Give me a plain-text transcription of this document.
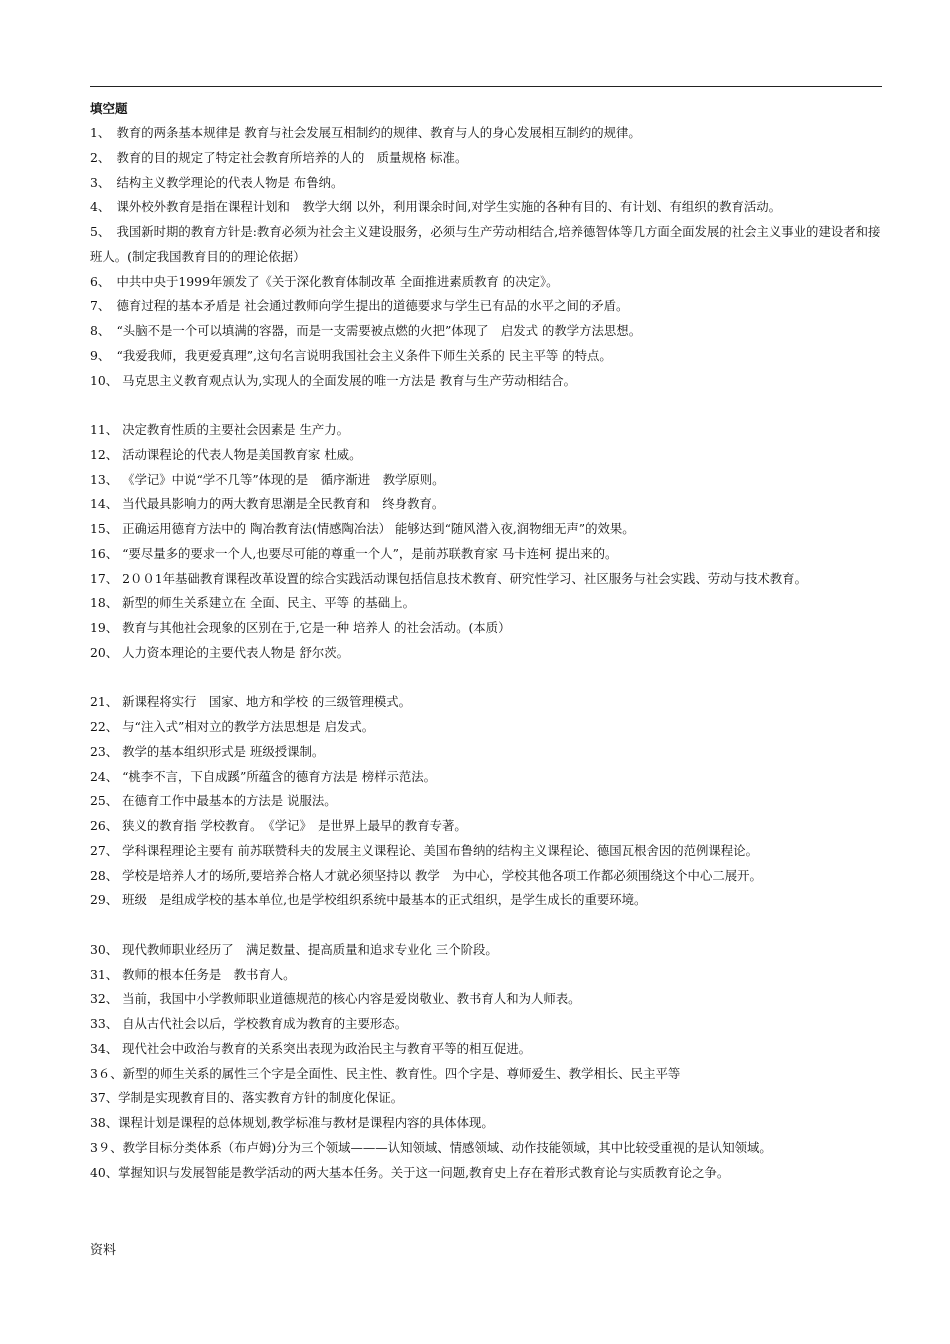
填空题
1、　教育的两条基本规律是 教育与社会发展互相制约的规律、教育与人的身心发展相互制约的规律。
2、　教育的目的规定了特定社会教育所培养的人的　质量规格 标准。
3、　结构主义教学理论的代表人物是 布鲁纳。
4、　课外校外教育是指在课程计划和　教学大纲 以外，利用课余时间,对学生实施的各种有目的、有计划、有组织的教育活动。
5、　我国新时期的教育方针是:教育必须为社会主义建设服务，必须与生产劳动相结合,培养德智体等几方面全面发展的社会主义事业的建设者和接班人。(制定我国教育目的的理论依据）
6、　中共中央于1999年颁发了《关于深化教育体制改革 全面推进素质教育 的决定》。
7、　德育过程的基本矛盾是 社会通过教师向学生提出的道德要求与学生已有品的水平之间的矛盾。
8、　“头脑不是一个可以填满的容器，而是一支需要被点燃的火把”体现了　启发式 的教学方法思想。
9、　“我爱我师，我更爱真理”,这句名言说明我国社会主义条件下师生关系的 民主平等 的特点。
10、 马克思主义教育观点认为,实现人的全面发展的唯一方法是 教育与生产劳动相结合。
11、 决定教育性质的主要社会因素是 生产力。
12、 活动课程论的代表人物是美国教育家 杜威。
13、 《学记》中说“学不几等”体现的是　循序渐进　教学原则。
14、 当代最具影响力的两大教育思潮是全民教育和　终身教育。
15、 正确运用德育方法中的 陶冶教育法(情感陶冶法） 能够达到“随风潜入夜,润物细无声”的效果。
16、 “要尽量多的要求一个人,也要尽可能的尊重一个人”，是前苏联教育家 马卡连柯 提出来的。
17、 2００1年基础教育课程改革设置的综合实践活动课包括信息技术教育、研究性学习、社区服务与社会实践、劳动与技术教育。
18、 新型的师生关系建立在 全面、民主、平等 的基础上。
19、 教育与其他社会现象的区别在于,它是一种 培养人 的社会活动。(本质）
20、 人力资本理论的主要代表人物是 舒尔茨。
21、 新课程将实行　国家、地方和学校 的三级管理模式。
22、 与“注入式”相对立的教学方法思想是 启发式。
23、 教学的基本组织形式是 班级授课制。
24、 “桃李不言，下自成蹊”所蕴含的德育方法是 榜样示范法。
25、 在德育工作中最基本的方法是 说服法。
26、 狭义的教育指 学校教育。　《学记》　是世界上最早的教育专著。
27、 学科课程理论主要有 前苏联赞科夫的发展主义课程论、美国布鲁纳的结构主义课程论、德国瓦根舍因的范例课程论。
28、 学校是培养人才的场所,要培养合格人才就必须坚持以 教学　为中心，学校其他各项工作都必须围绕这个中心二展开。
29、 班级　是组成学校的基本单位,也是学校组织系统中最基本的正式组织，是学生成长的重要环境。
30、 现代教师职业经历了　满足数量、提高质量和追求专业化 三个阶段。
31、 教师的根本任务是　教书育人。
32、 当前，我国中小学教师职业道德规范的核心内容是爱岗敬业、教书育人和为人师表。
33、 自从古代社会以后，学校教育成为教育的主要形态。
34、 现代社会中政治与教育的关系突出表现为政治民主与教育平等的相互促进。
3６、新型的师生关系的属性三个字是全面性、民主性、教育性。四个字是、尊师爱生、教学相长、民主平等
37、学制是实现教育目的、落实教育方针的制度化保证。
38、课程计划是课程的总体规划,教学标准与教材是课程内容的具体体现。
3９、教学目标分类体系（布卢姆)分为三个领域———认知领域、情感领域、动作技能领域，其中比较受重视的是认知领域。
40、掌握知识与发展智能是教学活动的两大基本任务。关于这一问题,教育史上存在着形式教育论与实质教育论之争。
资料
